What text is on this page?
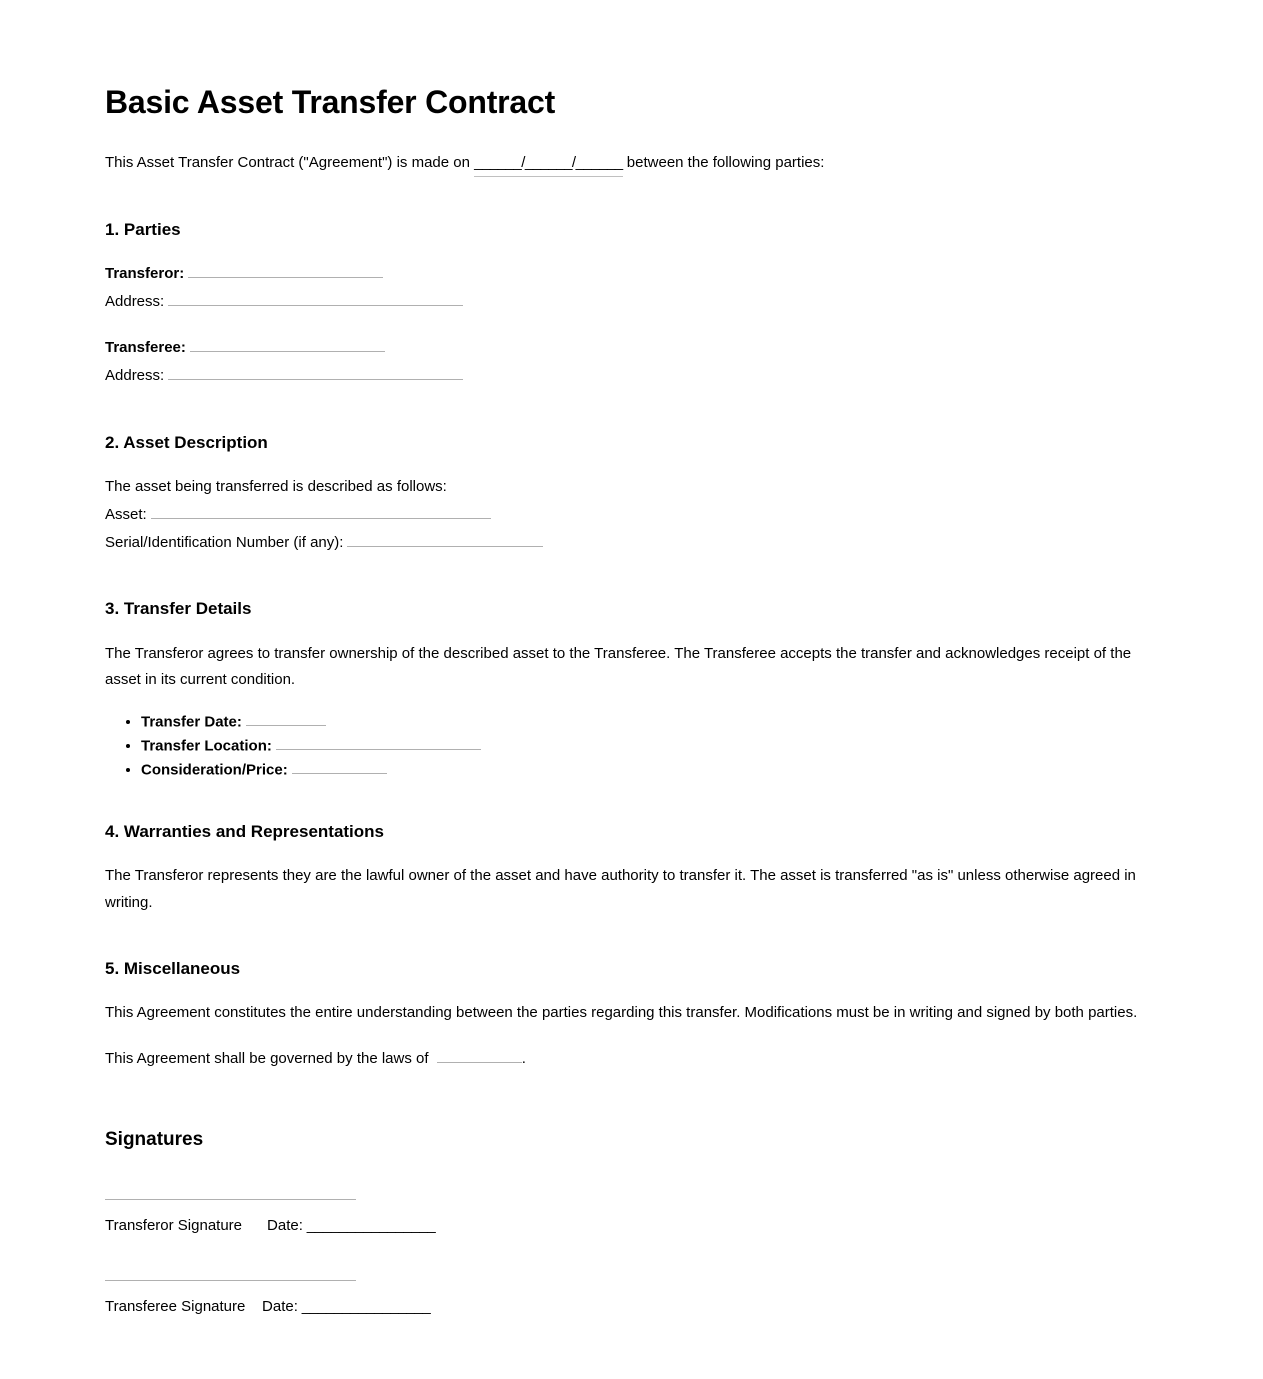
Basic Asset Transfer Contract

This Asset Transfer Contract ("Agreement") is made on ______/______/______ between the following parties:

1. Parties
Transferor:
Address:
Transferee:
Address:
2. Asset Description

The asset being transferred is described as follows:

Asset:
Serial/Identification Number (if any):
3. Transfer Details

The Transferor agrees to transfer ownership of the described asset to the Transferee. The Transferee accepts the transfer and acknowledges receipt of the asset in its current condition.

• Transfer Date:
• Transfer Location:
• Consideration/Price:
4. Warranties and Representations

The Transferor represents they are the lawful owner of the asset and have authority to transfer it. The asset is transferred "as is" unless otherwise agreed in writing.

5. Miscellaneous

This Agreement constitutes the entire understanding between the parties regarding this transfer. Modifications must be in writing and signed by both parties.

This Agreement shall be governed by the laws of	.

Signatures
Transferor Signature Date: ________________
Transferee Signature Date: ________________
